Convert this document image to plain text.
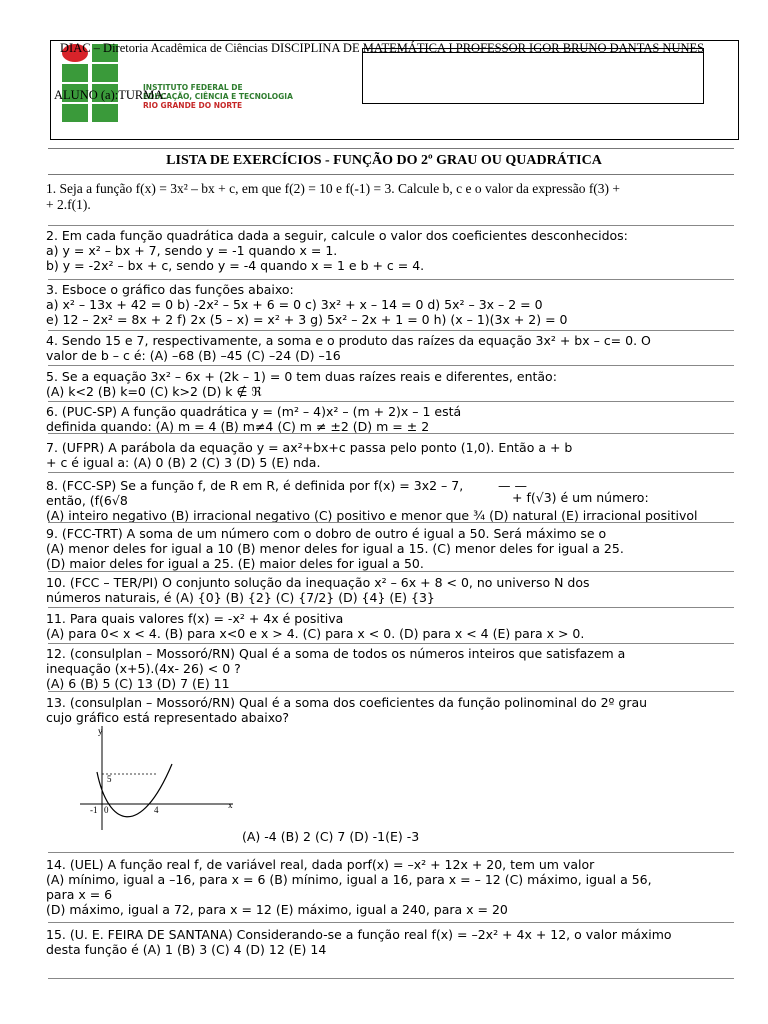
INSTITUTO FEDERAL DE
EDUCAÇÃO, CIÊNCIA E TECNOLOGIA
RIO GRANDE DO NORTE
DIAC – Diretoria Acadêmica de Ciências DISCIPLINA DE MATEMÁTICA I PROFESSOR IGOR BRUNO DANTAS NUNES
ALUNO (a):TURMA:
LISTA DE EXERCÍCIOS - FUNÇÃO DO 2º GRAU OU QUADRÁTICA
1. Seja a função f(x) = 3x² – bx + c, em que f(2) = 10 e f(-1) = 3. Calcule b, c e o valor da expressão f(3) +
+ 2.f(1).
2. Em cada função quadrática dada a seguir, calcule o valor dos coeficientes desconhecidos:
a) y = x² – bx + 7, sendo y = -1 quando x = 1.
b) y = -2x² – bx + c, sendo y = -4 quando x = 1 e b + c = 4.
3. Esboce o gráfico das funções abaixo:
a) x² – 13x + 42 = 0 b) -2x² – 5x + 6 = 0 c) 3x² + x – 14 = 0 d) 5x² – 3x – 2 = 0
e) 12 – 2x² = 8x + 2 f) 2x (5 – x) = x² + 3 g) 5x² – 2x + 1 = 0 h) (x – 1)(3x + 2) = 0
4. Sendo 15 e 7, respectivamente, a soma e o produto das raízes da equação 3x² + bx – c= 0. O
valor de b – c é: (A) –68 (B) –45 (C) –24 (D) –16
5. Se a equação 3x² – 6x + (2k – 1) = 0 tem duas raízes reais e diferentes, então:
(A) k<2 (B) k=0 (C) k>2 (D) k ∉ ℜ
6. (PUC-SP) A função quadrática y = (m² – 4)x² – (m + 2)x – 1 está
definida quando: (A) m = 4 (B) m≠4 (C) m ≠ ±2 (D) m = ± 2
7. (UFPR) A parábola da equação y = ax²+bx+c passa pelo ponto (1,0). Então a + b
+ c é igual a: (A) 0 (B) 2 (C) 3 (D) 5 (E) nda.
8. (FCC-SP) Se a função f, de R em R, é definida por f(x) = 3x2 – 7,
então, (f(6√8
(A) inteiro negativo (B) irracional negativo (C) positivo e menor que ¾ (D) natural (E) irracional positivol
— —
+ f(√3) é um número:
9. (FCC-TRT) A soma de um número com o dobro de outro é igual a 50. Será máximo se o
(A) menor deles for igual a 10 (B) menor deles for igual a 15. (C) menor deles for igual a 25.
(D) maior deles for igual a 25. (E) maior deles for igual a 50.
10. (FCC – TER/PI) O conjunto solução da inequação x² – 6x + 8 < 0, no universo N dos
números naturais, é (A) {0} (B) {2} (C) {7/2} (D) {4} (E) {3}
11. Para quais valores f(x) = -x² + 4x é positiva
(A) para 0< x < 4. (B) para x<0 e x > 4. (C) para x < 0. (D) para x < 4 (E) para x > 0.
12. (consulplan – Mossoró/RN) Qual é a soma de todos os números inteiros que satisfazem a
inequação (x+5).(4x- 26) < 0 ?
(A) 6 (B) 5 (C) 13 (D) 7 (E) 11
13. (consulplan – Mossoró/RN) Qual é a soma dos coeficientes da função polinominal do 2º grau
cujo gráfico está representado abaixo?
y
x
5
-1 0	4
(A) -4 (B) 2 (C) 7 (D) -1(E) -3
14. (UEL) A função real f, de variável real, dada porf(x) = –x² + 12x + 20, tem um valor
(A) mínimo, igual a –16, para x = 6 (B) mínimo, igual a 16, para x = – 12 (C) máximo, igual a 56,
para x = 6
(D) máximo, igual a 72, para x = 12 (E) máximo, igual a 240, para x = 20
15. (U. E. FEIRA DE SANTANA) Considerando-se a função real f(x) = –2x² + 4x + 12, o valor máximo
desta função é (A) 1 (B) 3 (C) 4 (D) 12 (E) 14
